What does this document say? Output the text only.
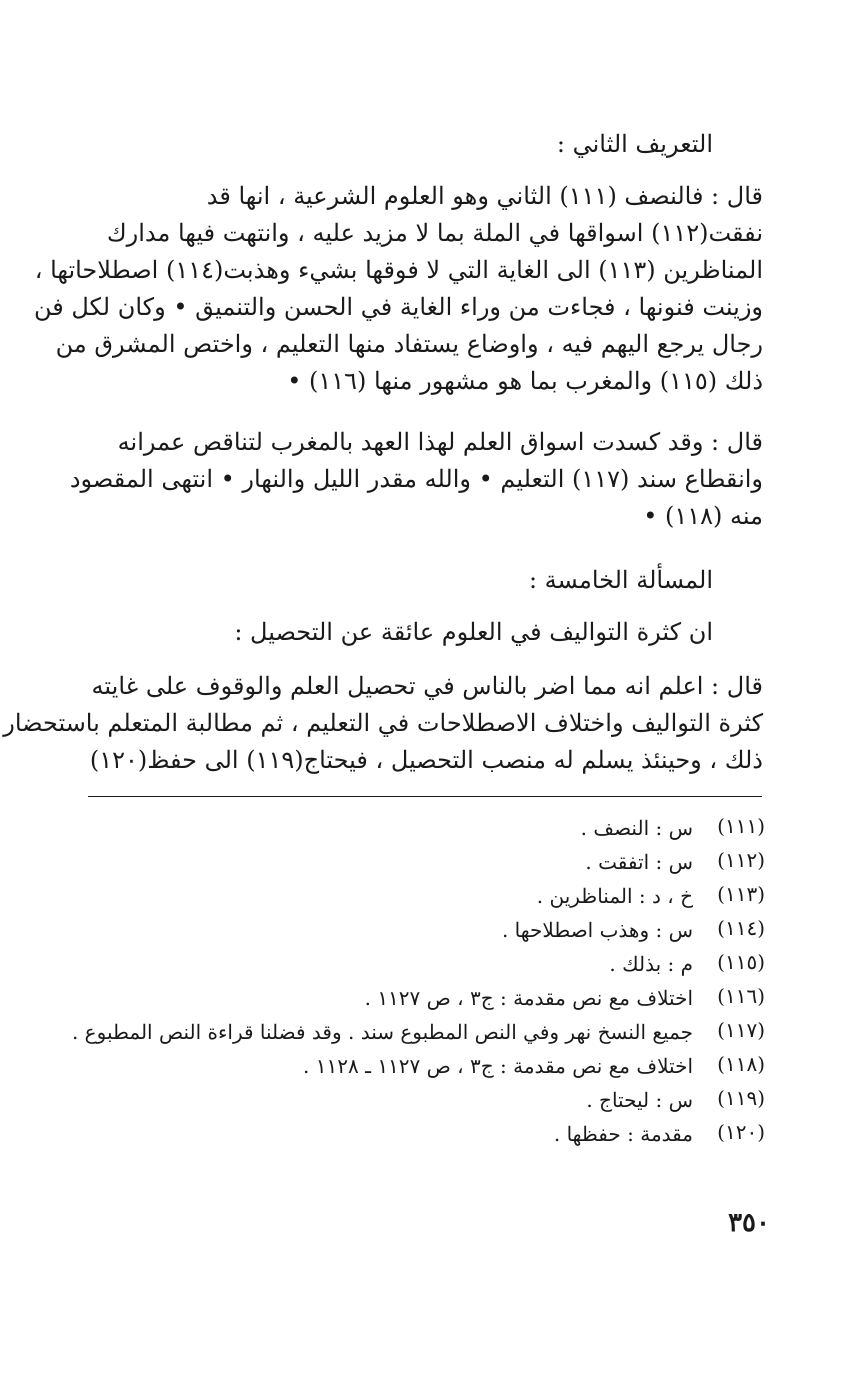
التعريف الثاني :
قال : فالنصف (١١١) الثاني وهو العلوم الشرعية ، انها قد
نفقت(١١٢) اسواقها في الملة بما لا مزيد عليه ، وانتهت فيها مدارك
المناظرين (١١٣) الى الغاية التي لا فوقها بشيء وهذبت(١١٤) اصطلاحاتها ،
وزينت فنونها ، فجاءت من وراء الغاية في الحسن والتنميق • وكان لكل فن
رجال يرجع اليهم فيه ، واوضاع يستفاد منها التعليم ، واختص المشرق من
ذلك (١١٥) والمغرب بما هو مشهور منها (١١٦) •
قال : وقد كسدت اسواق العلم لهذا العهد بالمغرب لتناقص عمرانه
وانقطاع سند (١١٧) التعليم • والله مقدر الليل والنهار • انتهى المقصود
منه (١١٨) •
المسألة الخامسة :
ان كثرة التواليف في العلوم عائقة عن التحصيل :
قال : اعلم انه مما اضر بالناس في تحصيل العلم والوقوف على غايته
كثرة التواليف واختلاف الاصطلاحات في التعليم ، ثم مطالبة المتعلم باستحضار
ذلك ، وحينئذ يسلم له منصب التحصيل ، فيحتاج(١١٩) الى حفظ(١٢٠)
(١١١)
س : النصف .
(١١٢)
س : اتفقت .
(١١٣)
خ ، د : المناظرين .
(١١٤)
س : وهذب اصطلاحها .
(١١٥)
م : بذلك .
(١١٦)
اختلاف مع نص مقدمة : ج٣ ، ص ١١٢٧ .
(١١٧)
جميع النسخ نهر وفي النص المطبوع سند . وقد فضلنا قراءة النص المطبوع .
(١١٨)
اختلاف مع نص مقدمة : ج٣ ، ص ١١٢٧ ـ ١١٢٨ .
(١١٩)
س : ليحتاج .
(١٢٠)
مقدمة : حفظها .
٣٥٠
